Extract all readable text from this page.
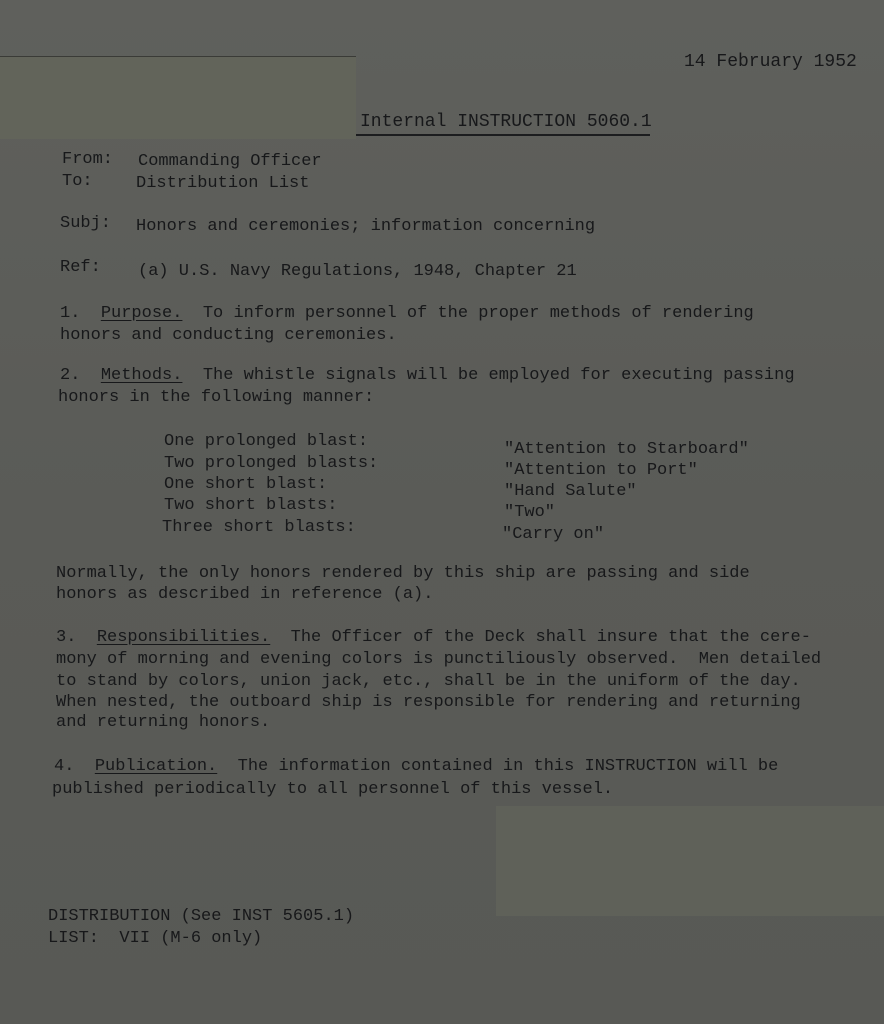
14 February 1952
Internal INSTRUCTION 5060.1
From: Commanding Officer
To:	Distribution List
Subj: Honors and ceremonies; information concerning
Ref: (a) U.S. Navy Regulations, 1948, Chapter 21
1. Purpose. To inform personnel of the proper methods of rendering
honors and conducting ceremonies.
2. Methods. The whistle signals will be employed for executing passing
honors in the following manner:
One prolonged blast:	"Attention to Starboard"
Two prolonged blasts:	"Attention to Port"
One short blast:	"Hand Salute"
Two short blasts:	"Two"
Three short blasts:	"Carry on"
Normally, the only honors rendered by this ship are passing and side
honors as described in reference (a).
3. Responsibilities. The Officer of the Deck shall insure that the cere-
mony of morning and evening colors is punctiliously observed.  Men detailed
to stand by colors, union jack, etc., shall be in the uniform of the day.
When nested, the outboard ship is responsible for rendering and returning
and returning honors.
4. Publication. The information contained in this INSTRUCTION will be
published periodically to all personnel of this vessel.
DISTRIBUTION (See INST 5605.1)
LIST:  VII (M-6 only)
